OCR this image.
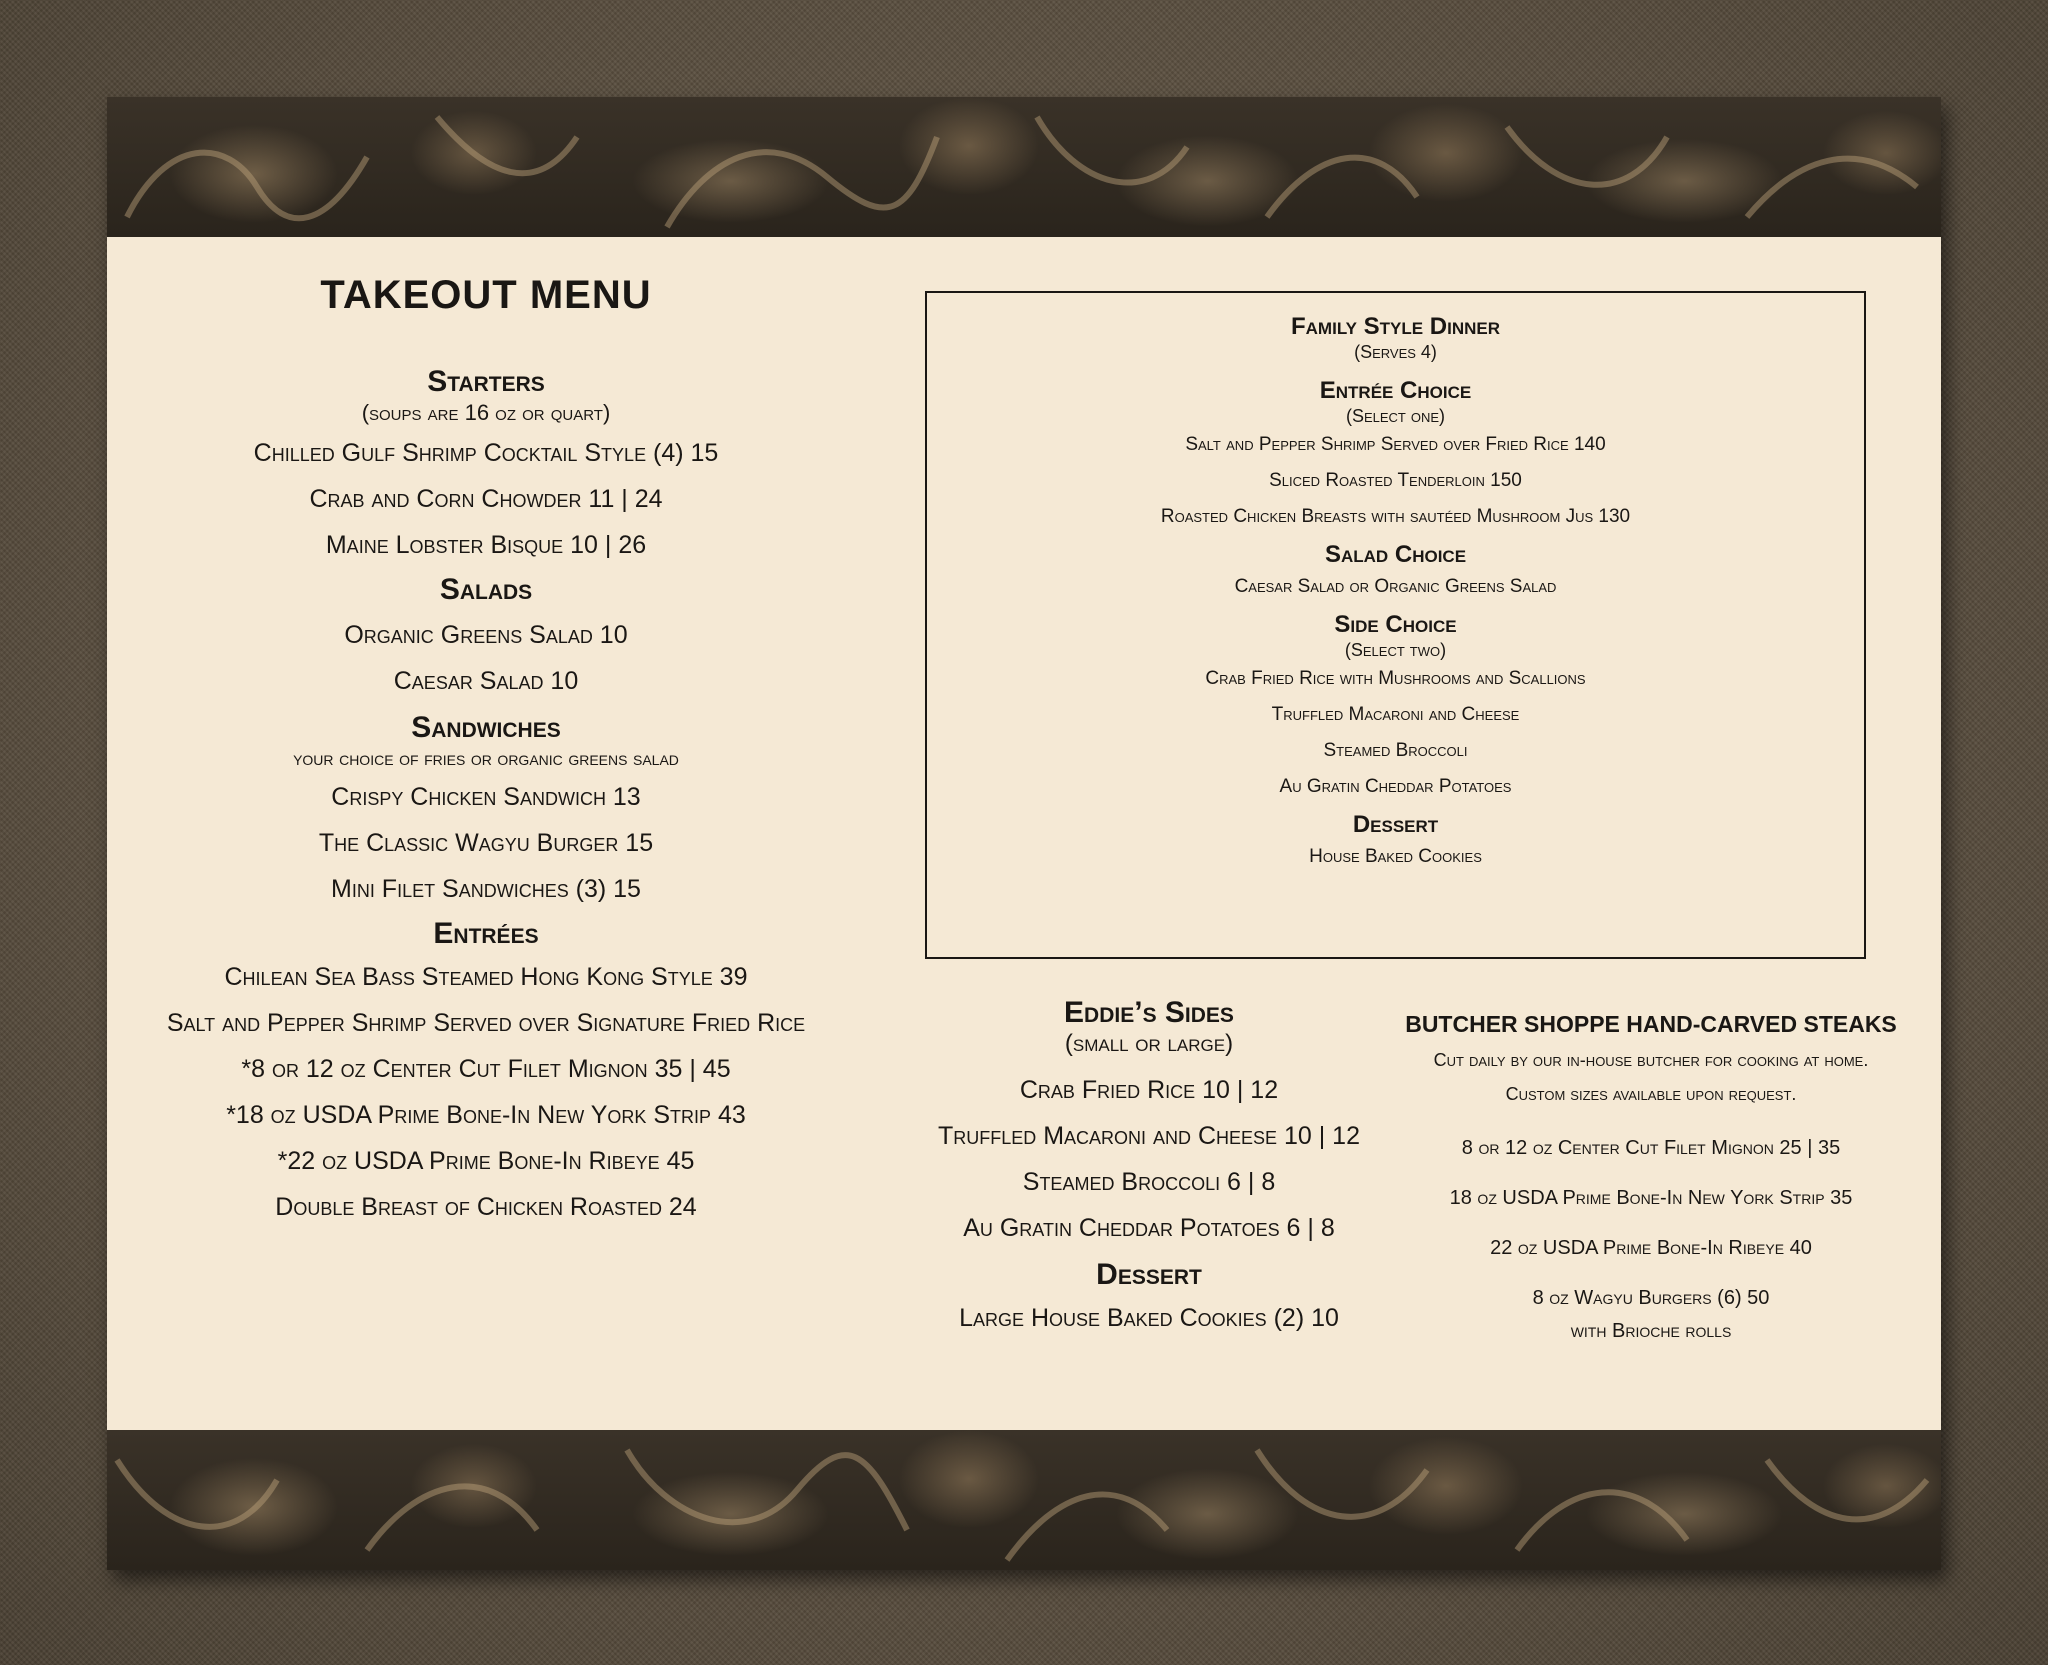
TAKEOUT MENU

Starters

(soups are 16 oz or quart)

Chilled Gulf Shrimp Cocktail Style (4) 15

Crab and Corn Chowder 11 | 24

Maine Lobster Bisque 10 | 26

Salads

Organic Greens Salad 10

Caesar Salad 10

Sandwiches

your choice of fries or organic greens salad

Crispy Chicken Sandwich 13

The Classic Wagyu Burger 15

Mini Filet Sandwiches (3) 15

Entrées

Chilean Sea Bass Steamed Hong Kong Style 39

Salt and Pepper Shrimp Served over Signature Fried Rice

*8 or 12 oz Center Cut Filet Mignon 35 | 45

*18 oz USDA Prime Bone-In New York Strip 43

*22 oz USDA Prime Bone-In Ribeye 45

Double Breast of Chicken Roasted 24

Family Style Dinner

(Serves 4)

Entrée Choice

(Select one)

Salt and Pepper Shrimp Served over Fried Rice 140

Sliced Roasted Tenderloin 150

Roasted Chicken Breasts with sautéed Mushroom Jus 130

Salad Choice

Caesar Salad or Organic Greens Salad

Side Choice

(Select two)

Crab Fried Rice with Mushrooms and Scallions

Truffled Macaroni and Cheese

Steamed Broccoli

Au Gratin Cheddar Potatoes

Dessert

House Baked Cookies

Eddie’s Sides

(small or large)

Crab Fried Rice 10 | 12

Truffled Macaroni and Cheese 10 | 12

Steamed Broccoli 6 | 8

Au Gratin Cheddar Potatoes 6 | 8

Dessert

Large House Baked Cookies (2) 10

BUTCHER SHOPPE HAND-CARVED STEAKS

Cut daily by our in-house butcher for cooking at home.

Custom sizes available upon request.

8 or 12 oz Center Cut Filet Mignon 25 | 35

18 oz USDA Prime Bone-In New York Strip 35

22 oz USDA Prime Bone-In Ribeye 40

8 oz Wagyu Burgers (6) 50

with Brioche rolls
